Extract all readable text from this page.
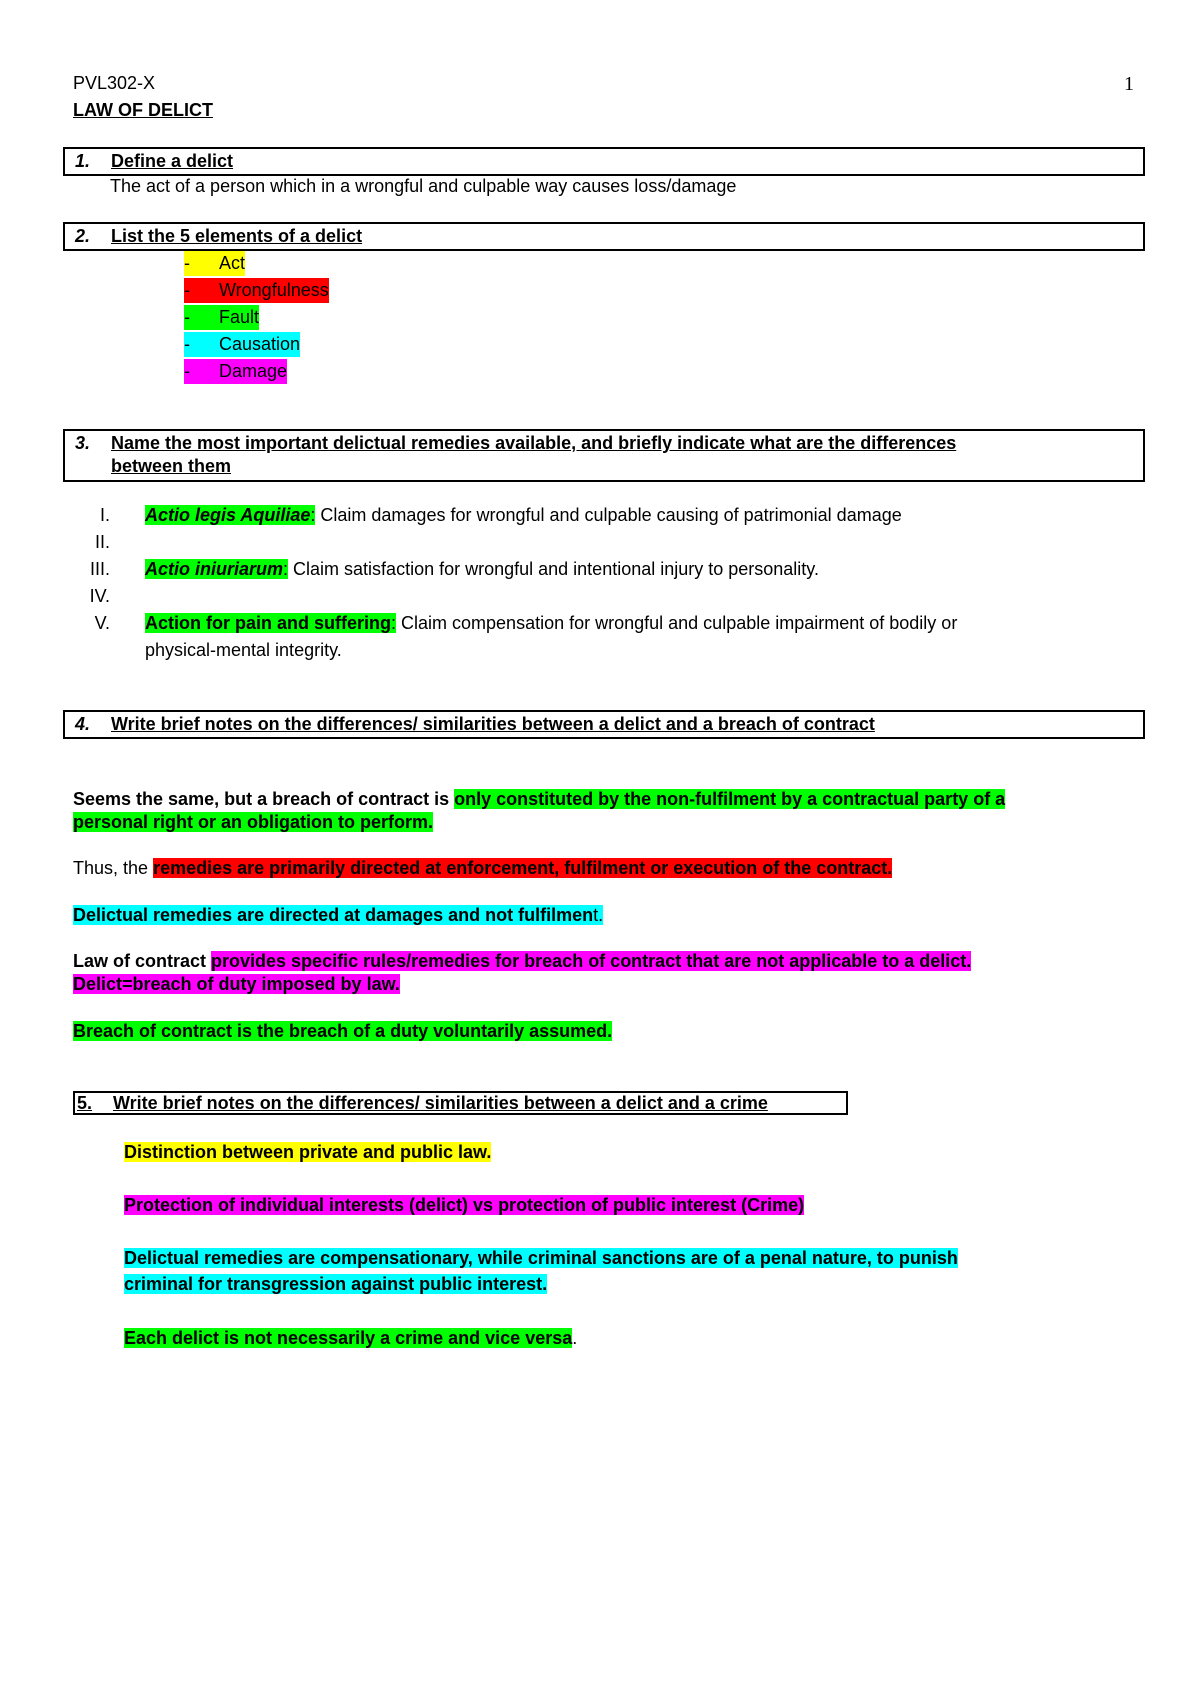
PVL302-X	1
LAW OF DELICT
1. Define a delict
The act of a person which in a wrongful and culpable way causes loss/damage
2. List the 5 elements of a delict
- Act
- Wrongfulness
- Fault
- Causation
- Damage
3. Name the most important delictual remedies available, and briefly indicate what are the differences
between them
I.
II.
III.
IV.
V.
Actio legis Aquiliae: Claim damages for wrongful and culpable causing of patrimonial damage
Actio iniuriarum: Claim satisfaction for wrongful and intentional injury to personality.
Action for pain and suffering: Claim compensation for wrongful and culpable impairment of bodily or
physical-mental integrity.
4. Write brief notes on the differences/ similarities between a delict and a breach of contract
Seems the same, but a breach of contract is only constituted by the non-fulfilment by a contractual party of a
personal right or an obligation to perform.
Thus, the remedies are primarily directed at enforcement, fulfilment or execution of the contract.
Delictual remedies are directed at damages and not fulfilment.
Law of contract provides specific rules/remedies for breach of contract that are not applicable to a delict.
Delict=breach of duty imposed by law.
Breach of contract is the breach of a duty voluntarily assumed.
5. Write brief notes on the differences/ similarities between a delict and a crime
Distinction between private and public law.
Protection of individual interests (delict) vs protection of public interest (Crime)
Delictual remedies are compensationary, while criminal sanctions are of a penal nature, to punish
criminal for transgression against public interest.
Each delict is not necessarily a crime and vice versa.
